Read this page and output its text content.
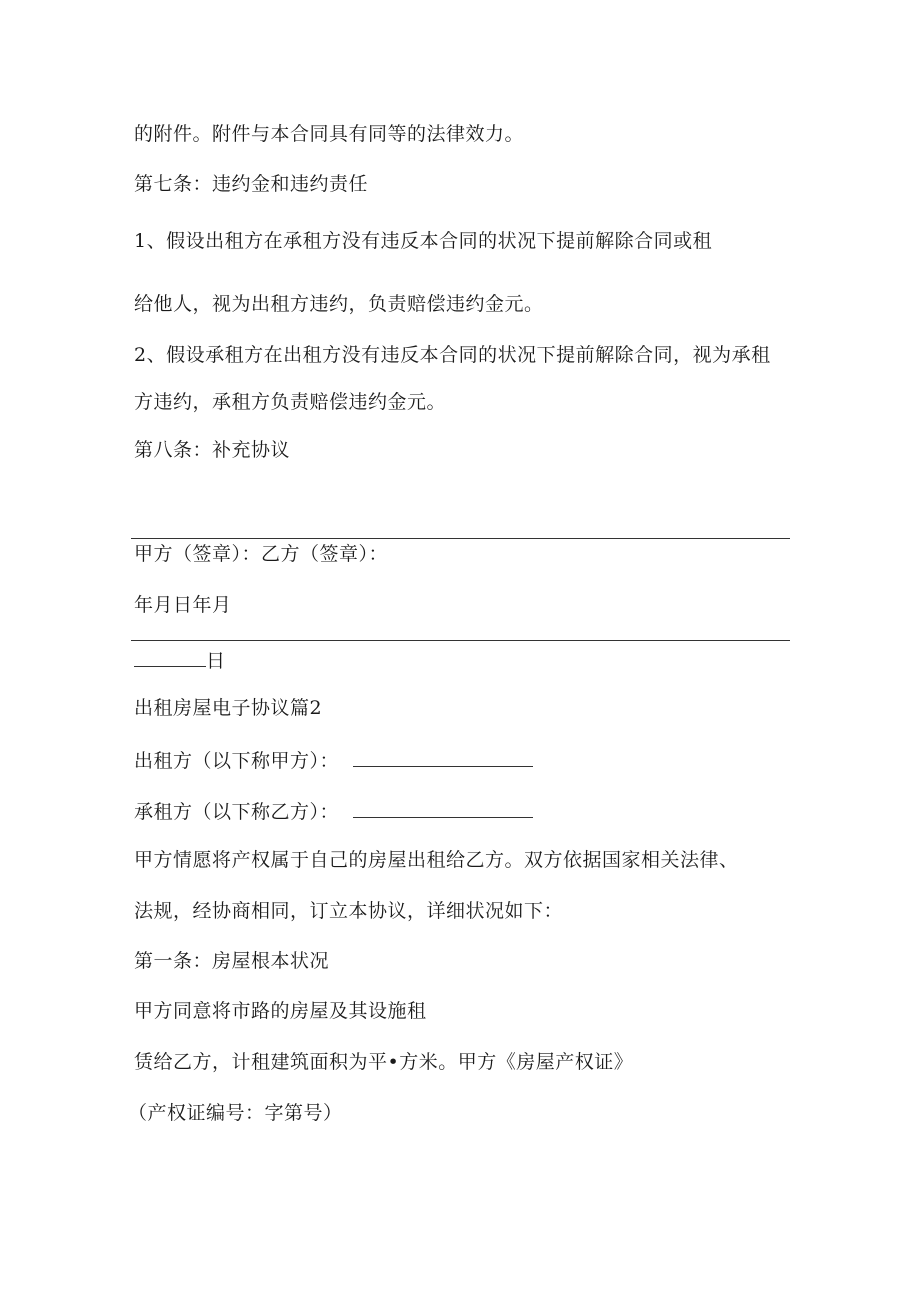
的附件。附件与本合同具有同等的法律效力。
第七条：违约金和违约责任
1、假设出租方在承租方没有违反本合同的状况下提前解除合同或租
给他人，视为出租方违约，负责赔偿违约金元。
2、假设承租方在出租方没有违反本合同的状况下提前解除合同，视为承租
方违约，承租方负责赔偿违约金元。
第八条：补充协议
甲方（签章）：乙方（签章）：
年月日年月
日
出租房屋电子协议篇2
出租方（以下称甲方）：
承租方（以下称乙方）：
甲方情愿将产权属于自己的房屋出租给乙方。双方依据国家相关法律、
法规，经协商相同，订立本协议，详细状况如下：
第一条：房屋根本状况
甲方同意将市路的房屋及其设施租
赁给乙方，计租建筑面积为平•方米。甲方《房屋产权证》
（产权证编号：字第号）
